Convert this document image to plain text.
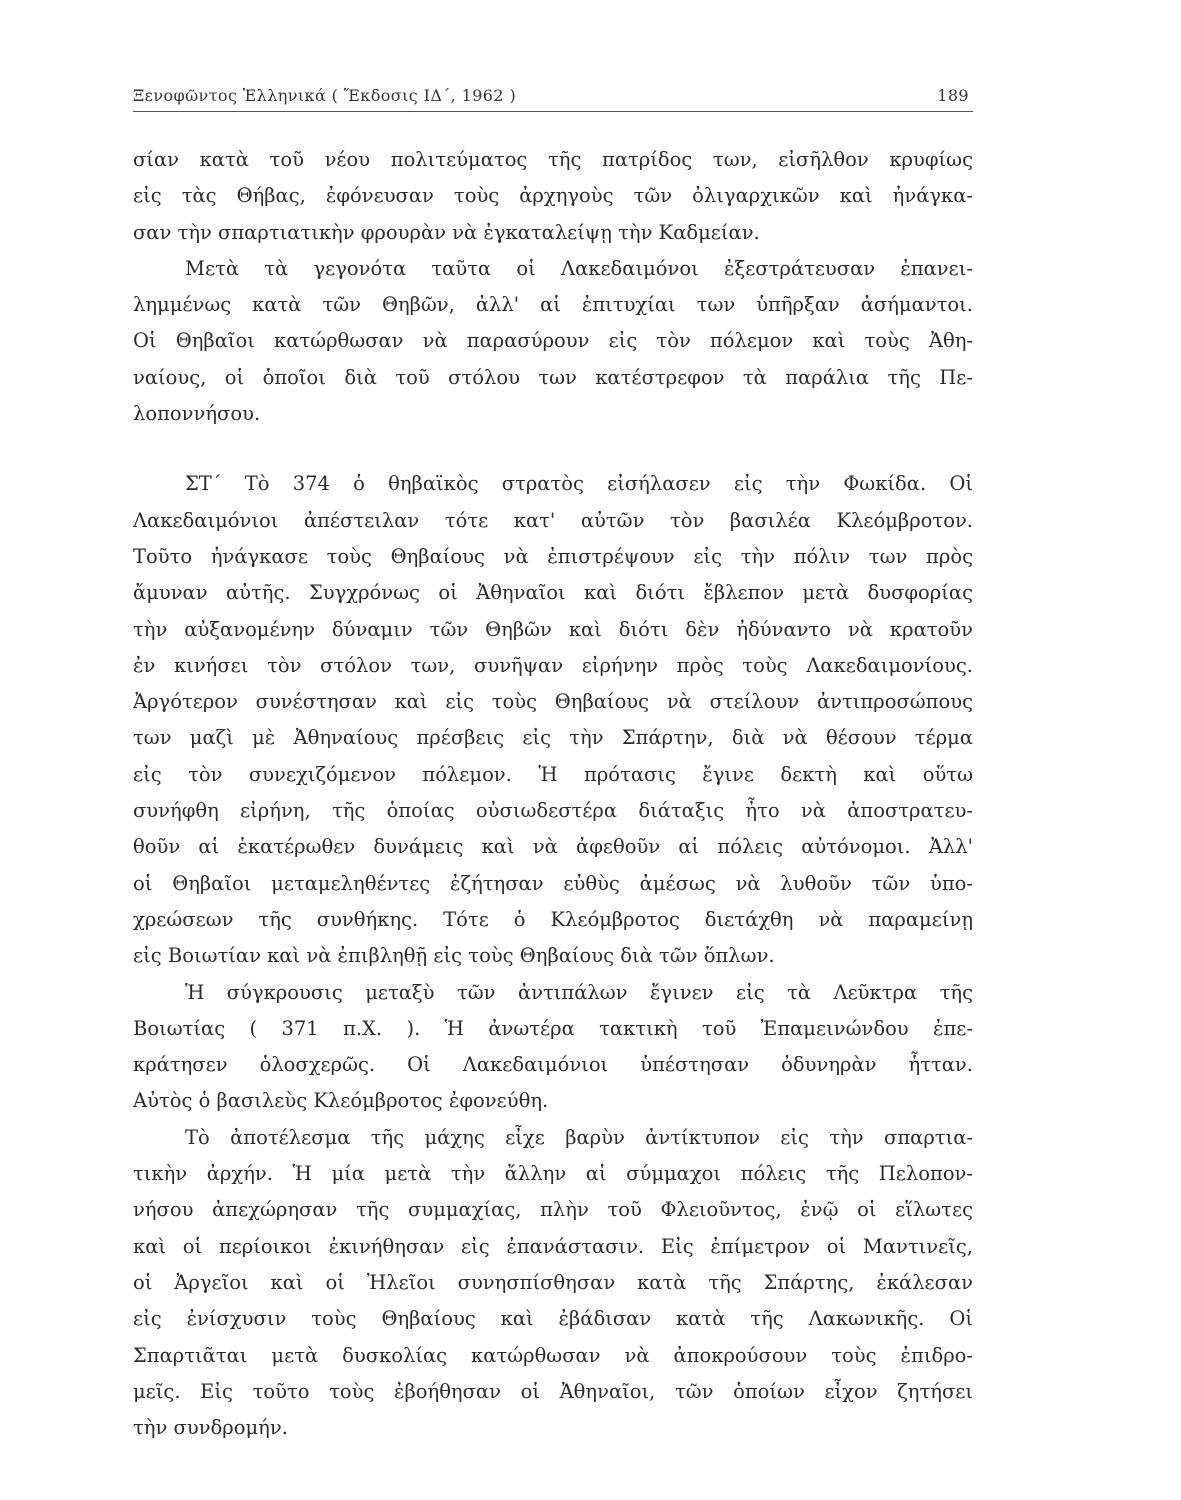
Ξενοφῶντος Ἑλληνικά ( Ἔκδοσις ΙΔ΄, 1962 )	189
σίαν κατὰ τοῦ νέου πολιτεύματος τῆς πατρίδος των, εἰσῆλθον κρυφίως
εἰς τὰς Θήβας, ἐφόνευσαν τοὺς ἀρχηγοὺς τῶν ὀλιγαρχικῶν καὶ ἠνάγκα-
σαν τὴν σπαρτιατικὴν φρουρὰν νὰ ἐγκαταλείψῃ τὴν Καδμείαν.
Μετὰ τὰ γεγονότα ταῦτα οἱ Λακεδαιμόνοι ἐξεστράτευσαν ἐπανει-
λημμένως κατὰ τῶν Θηβῶν, ἀλλ' αἱ ἐπιτυχίαι των ὑπῆρξαν ἀσήμαντοι.
Οἱ Θηβαῖοι κατώρθωσαν νὰ παρασύρουν εἰς τὸν πόλεμον καὶ τοὺς Ἀθη-
ναίους, οἱ ὁποῖοι διὰ τοῦ στόλου των κατέστρεφον τὰ παράλια τῆς Πε-
λοποννήσου.
ΣΤ΄ Τὸ 374 ὁ θηβαϊκὸς στρατὸς εἰσήλασεν εἰς τὴν Φωκίδα. Οἱ
Λακεδαιμόνιοι ἀπέστειλαν τότε κατ' αὐτῶν τὸν βασιλέα Κλεόμβροτον.
Τοῦτο ἠνάγκασε τοὺς Θηβαίους νὰ ἐπιστρέψουν εἰς τὴν πόλιν των πρὸς
ἄμυναν αὐτῆς. Συγχρόνως οἱ Ἀθηναῖοι καὶ διότι ἔβλεπον μετὰ δυσφορίας
τὴν αὐξανομένην δύναμιν τῶν Θηβῶν καὶ διότι δὲν ἠδύναντο νὰ κρατοῦν
ἐν κινήσει τὸν στόλον των, συνῆψαν εἰρήνην πρὸς τοὺς Λακεδαιμονίους.
Ἀργότερον συνέστησαν καὶ εἰς τοὺς Θηβαίους νὰ στείλουν ἀντιπροσώπους
των μαζὶ μὲ Ἀθηναίους πρέσβεις εἰς τὴν Σπάρτην, διὰ νὰ θέσουν τέρμα
εἰς τὸν συνεχιζόμενον πόλεμον. Ἡ πρότασις ἔγινε δεκτὴ καὶ οὕτω
συνήφθη εἰρήνη, τῆς ὁποίας οὐσιωδεστέρα διάταξις ἦτο νὰ ἀποστρατευ-
θοῦν αἱ ἑκατέρωθεν δυνάμεις καὶ νὰ ἀφεθοῦν αἱ πόλεις αὐτόνομοι. Ἀλλ'
οἱ Θηβαῖοι μεταμεληθέντες ἐζήτησαν εὐθὺς ἀμέσως νὰ λυθοῦν τῶν ὑπο-
χρεώσεων τῆς συνθήκης. Τότε ὁ Κλεόμβροτος διετάχθη νὰ παραμείνῃ
εἰς Βοιωτίαν καὶ νὰ ἐπιβληθῇ εἰς τοὺς Θηβαίους διὰ τῶν ὅπλων.
Ἡ σύγκρουσις μεταξὺ τῶν ἀντιπάλων ἔγινεν εἰς τὰ Λεῦκτρα τῆς
Βοιωτίας ( 371 π.Χ. ). Ἡ ἀνωτέρα τακτικὴ τοῦ Ἐπαμεινώνδου ἐπε-
κράτησεν ὁλοσχερῶς. Οἱ Λακεδαιμόνιοι ὑπέστησαν ὀδυνηρὰν ἧτταν.
Αὐτὸς ὁ βασιλεὺς Κλεόμβροτος ἐφονεύθη.
Τὸ ἀποτέλεσμα τῆς μάχης εἶχε βαρὺν ἀντίκτυπον εἰς τὴν σπαρτια-
τικὴν ἀρχήν. Ἡ μία μετὰ τὴν ἄλλην αἱ σύμμαχοι πόλεις τῆς Πελοπον-
νήσου ἀπεχώρησαν τῆς συμμαχίας, πλὴν τοῦ Φλειοῦντος, ἐνῷ οἱ εἵλωτες
καὶ οἱ περίοικοι ἐκινήθησαν εἰς ἐπανάστασιν. Εἰς ἐπίμετρον οἱ Μαντινεῖς,
οἱ Ἀργεῖοι καὶ οἱ Ἠλεῖοι συνησπίσθησαν κατὰ τῆς Σπάρτης, ἐκάλεσαν
εἰς ἐνίσχυσιν τοὺς Θηβαίους καὶ ἐβάδισαν κατὰ τῆς Λακωνικῆς. Οἱ
Σπαρτιᾶται μετὰ δυσκολίας κατώρθωσαν νὰ ἀποκρούσουν τοὺς ἐπιδρο-
μεῖς. Εἰς τοῦτο τοὺς ἐβοήθησαν οἱ Ἀθηναῖοι, τῶν ὁποίων εἶχον ζητήσει
τὴν συνδρομήν.
